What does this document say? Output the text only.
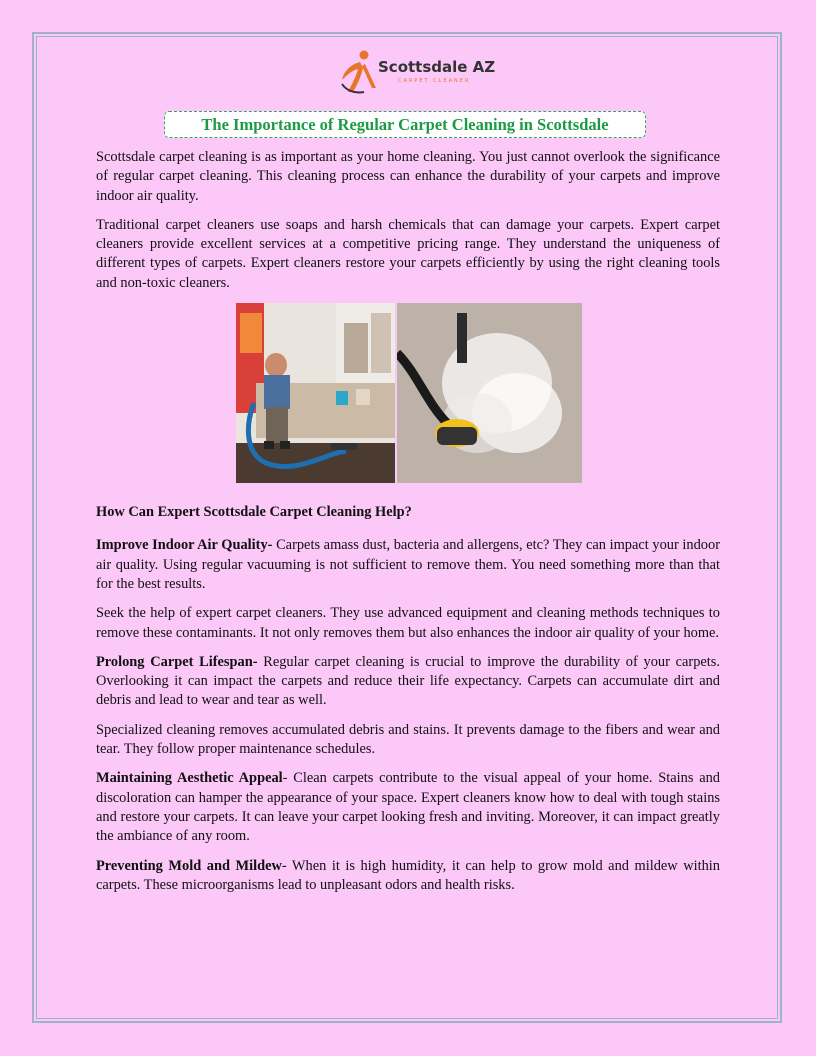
Scottsdale AZ
CARPET CLEANER
The Importance of Regular Carpet Cleaning in Scottsdale

Scottsdale carpet cleaning is as important as your home cleaning. You just cannot overlook the significance of regular carpet cleaning. This cleaning process can enhance the durability of your carpets and improve indoor air quality.

Traditional carpet cleaners use soaps and harsh chemicals that can damage your carpets. Expert carpet cleaners provide excellent services at a competitive pricing range. They understand the uniqueness of different types of carpets. Expert cleaners restore your carpets efficiently by using the right cleaning tools and non-toxic cleaners.

How Can Expert Scottsdale Carpet Cleaning Help?

Improve Indoor Air Quality- Carpets amass dust, bacteria and allergens, etc? They can impact your indoor air quality. Using regular vacuuming is not sufficient to remove them. You need something more than that for the best results.

Seek the help of expert carpet cleaners. They use advanced equipment and cleaning methods techniques to remove these contaminants. It not only removes them but also enhances the indoor air quality of your home.

Prolong Carpet Lifespan- Regular carpet cleaning is crucial to improve the durability of your carpets. Overlooking it can impact the carpets and reduce their life expectancy. Carpets can accumulate dirt and debris and lead to wear and tear as well.

Specialized cleaning removes accumulated debris and stains. It prevents damage to the fibers and wear and tear. They follow proper maintenance schedules.

Maintaining Aesthetic Appeal- Clean carpets contribute to the visual appeal of your home. Stains and discoloration can hamper the appearance of your space. Expert cleaners know how to deal with tough stains and restore your carpets. It can leave your carpet looking fresh and inviting. Moreover, it can impact greatly the ambiance of any room.

Preventing Mold and Mildew- When it is high humidity, it can help to grow mold and mildew within carpets. These microorganisms lead to unpleasant odors and health risks.
